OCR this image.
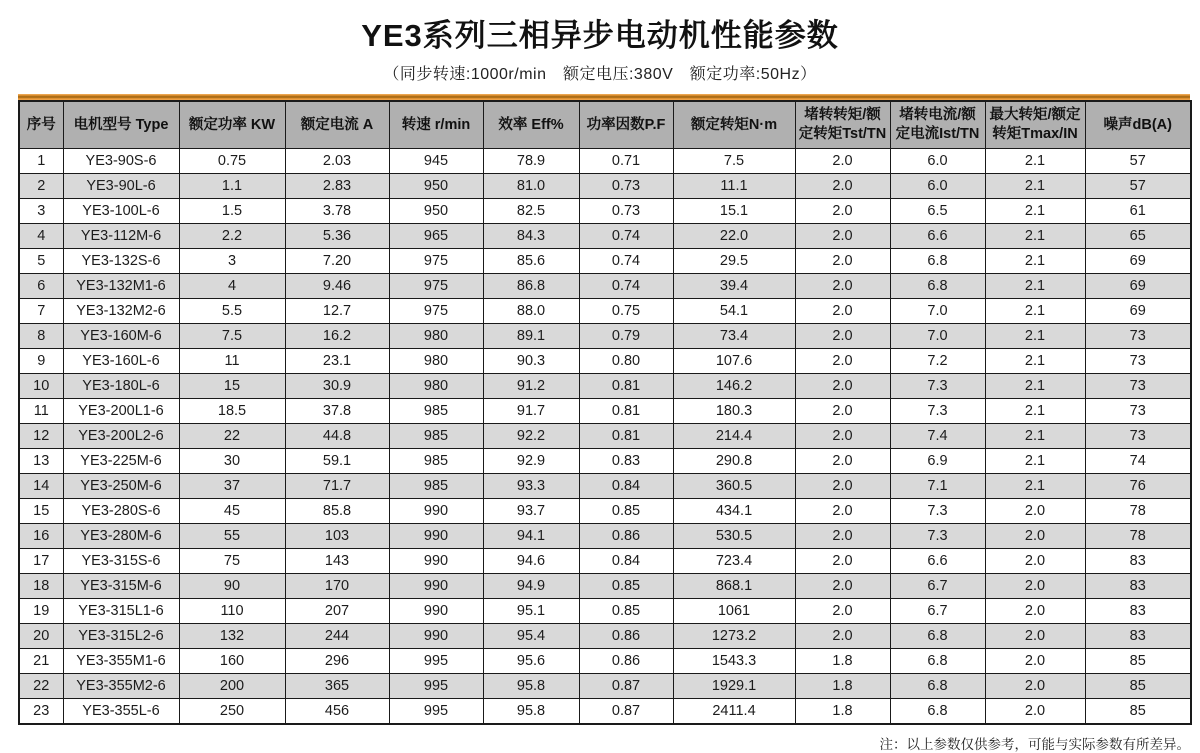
YE3系列三相异步电动机性能参数
（同步转速:1000r/min　额定电压:380V　额定功率:50Hz）
序号	电机型号 Type	额定功率 KW	额定电流 A	转速 r/min	效率 Eff%	功率因数P.F	额定转矩N·m	堵转转矩/额定转矩Tst/TN	堵转电流/额定电流Ist/TN	最大转矩/额定转矩Tmax/IN	噪声dB(A)
1	YE3-90S-6	0.75	2.03	945	78.9	0.71	7.5	2.0	6.0	2.1	57
2	YE3-90L-6	1.1	2.83	950	81.0	0.73	11.1	2.0	6.0	2.1	57
3	YE3-100L-6	1.5	3.78	950	82.5	0.73	15.1	2.0	6.5	2.1	61
4	YE3-112M-6	2.2	5.36	965	84.3	0.74	22.0	2.0	6.6	2.1	65
5	YE3-132S-6	3	7.20	975	85.6	0.74	29.5	2.0	6.8	2.1	69
6	YE3-132M1-6	4	9.46	975	86.8	0.74	39.4	2.0	6.8	2.1	69
7	YE3-132M2-6	5.5	12.7	975	88.0	0.75	54.1	2.0	7.0	2.1	69
8	YE3-160M-6	7.5	16.2	980	89.1	0.79	73.4	2.0	7.0	2.1	73
9	YE3-160L-6	11	23.1	980	90.3	0.80	107.6	2.0	7.2	2.1	73
10	YE3-180L-6	15	30.9	980	91.2	0.81	146.2	2.0	7.3	2.1	73
11	YE3-200L1-6	18.5	37.8	985	91.7	0.81	180.3	2.0	7.3	2.1	73
12	YE3-200L2-6	22	44.8	985	92.2	0.81	214.4	2.0	7.4	2.1	73
13	YE3-225M-6	30	59.1	985	92.9	0.83	290.8	2.0	6.9	2.1	74
14	YE3-250M-6	37	71.7	985	93.3	0.84	360.5	2.0	7.1	2.1	76
15	YE3-280S-6	45	85.8	990	93.7	0.85	434.1	2.0	7.3	2.0	78
16	YE3-280M-6	55	103	990	94.1	0.86	530.5	2.0	7.3	2.0	78
17	YE3-315S-6	75	143	990	94.6	0.84	723.4	2.0	6.6	2.0	83
18	YE3-315M-6	90	170	990	94.9	0.85	868.1	2.0	6.7	2.0	83
19	YE3-315L1-6	110	207	990	95.1	0.85	1061	2.0	6.7	2.0	83
20	YE3-315L2-6	132	244	990	95.4	0.86	1273.2	2.0	6.8	2.0	83
21	YE3-355M1-6	160	296	995	95.6	0.86	1543.3	1.8	6.8	2.0	85
22	YE3-355M2-6	200	365	995	95.8	0.87	1929.1	1.8	6.8	2.0	85
23	YE3-355L-6	250	456	995	95.8	0.87	2411.4	1.8	6.8	2.0	85
注：以上参数仅供参考，可能与实际参数有所差异。
